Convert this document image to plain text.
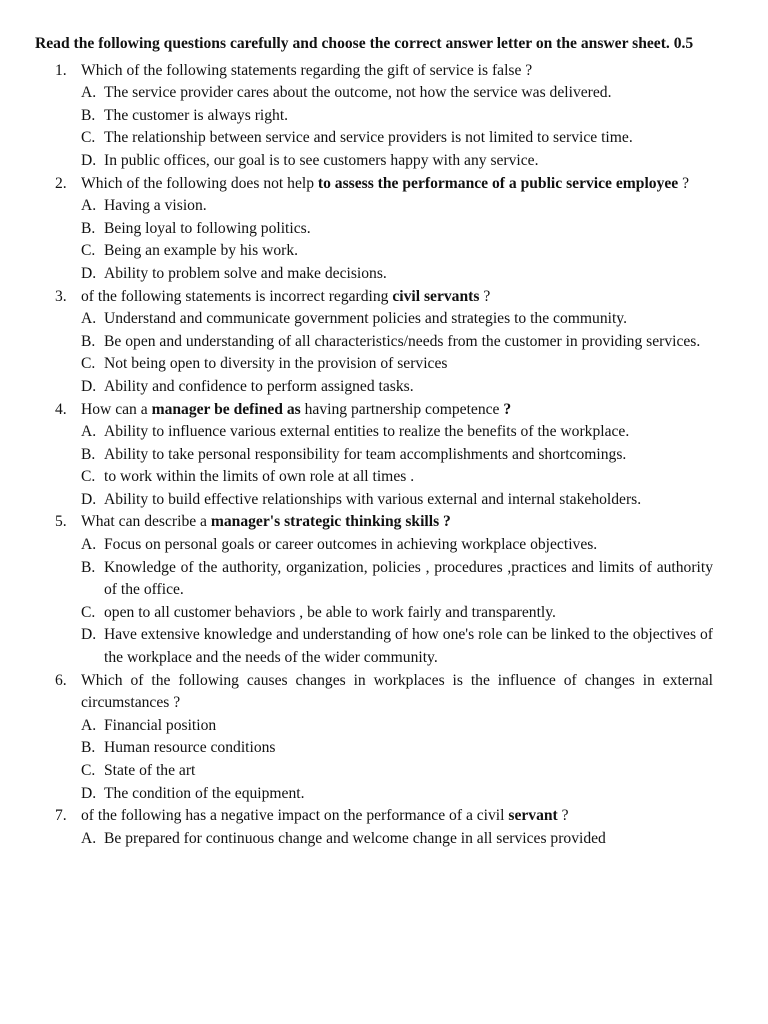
Read the following questions carefully and choose the correct answer letter on the answer sheet. 0.5

1. Which of the following statements regarding the gift of service is false ?
A. The service provider cares about the outcome, not how the service was delivered.
B. The customer is always right.
C. The relationship between service and service providers is not limited to service time.
D. In public offices, our goal is to see customers happy with any service.
2. Which of the following does not help to assess the performance of a public service employee ?
A. Having a vision.
B. Being loyal to following politics.
C. Being an example by his work.
D. Ability to problem solve and make decisions.
3. of the following statements is incorrect regarding civil servants ?
A. Understand and communicate government policies and strategies to the community.
B. Be open and understanding of all characteristics/needs from the customer in providing services.
C. Not being open to diversity in the provision of services
D. Ability and confidence to perform assigned tasks.
4. How can a manager be defined as having partnership competence ?
A. Ability to influence various external entities to realize the benefits of the workplace.
B. Ability to take personal responsibility for team accomplishments and shortcomings.
C. to work within the limits of own role at all times .
D. Ability to build effective relationships with various external and internal stakeholders.
5. What can describe a manager's strategic thinking skills ?
A. Focus on personal goals or career outcomes in achieving workplace objectives.
B. Knowledge of the authority, organization, policies , procedures ,practices and limits of authority of the office.
C. open to all customer behaviors , be able to work fairly and transparently.
D. Have extensive knowledge and understanding of how one's role can be linked to the objectives of the workplace and the needs of the wider community.
6. Which of the following causes changes in workplaces is the influence of changes in external circumstances ?
A. Financial position
B. Human resource conditions
C. State of the art
D. The condition of the equipment.
7. of the following has a negative impact on the performance of a civil servant ?
A. Be prepared for continuous change and welcome change in all services provided
